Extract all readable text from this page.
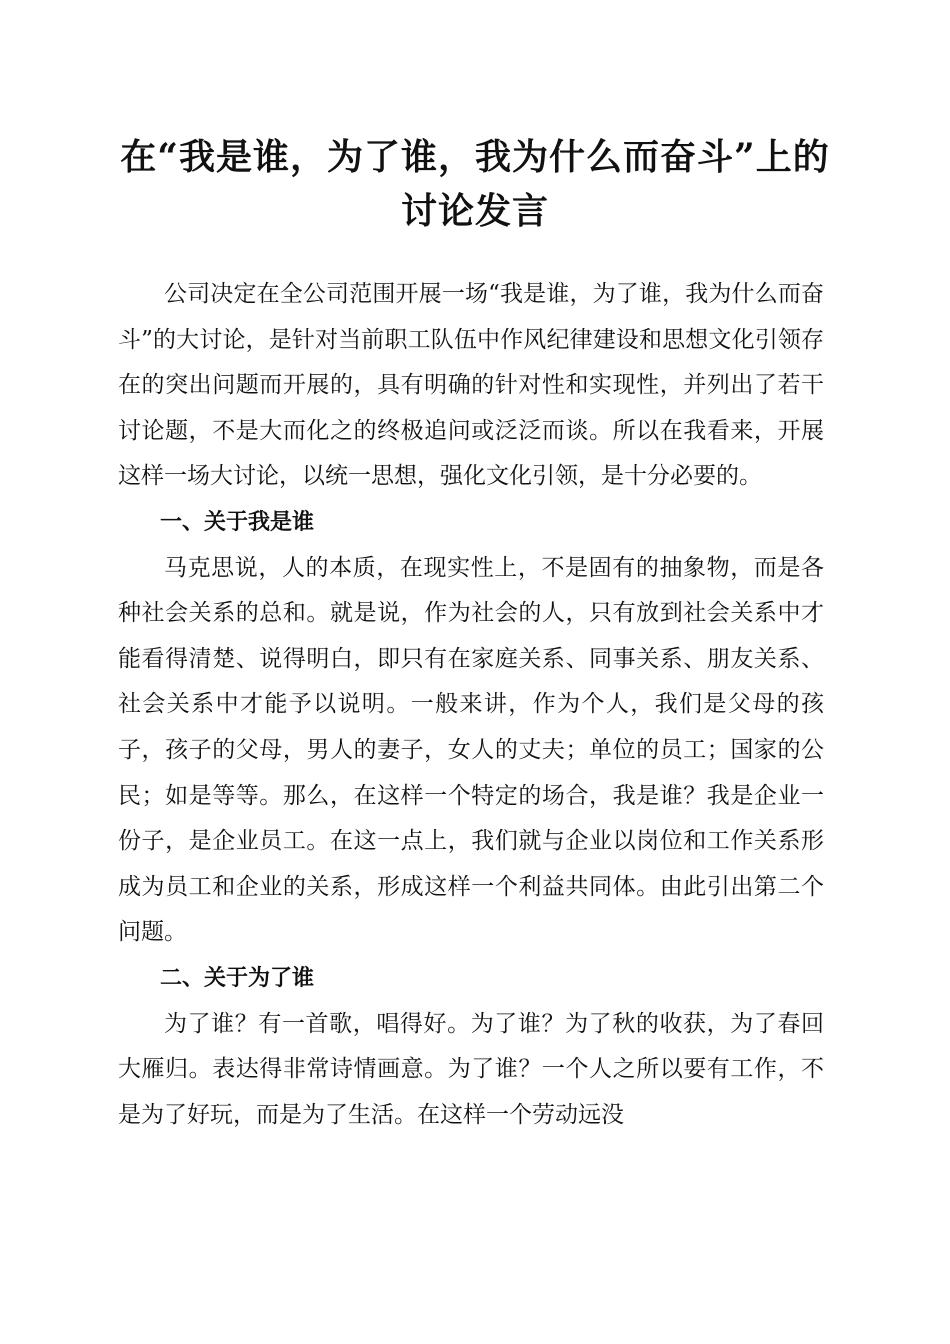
在“我是谁，为了谁，我为什么而奋斗”上的
讨论发言

公司决定在全公司范围开展一场“我是谁，为了谁，我为什么而奋斗”的大讨论，是针对当前职工队伍中作风纪律建设和思想文化引领存在的突出问题而开展的，具有明确的针对性和实现性，并列出了若干讨论题，不是大而化之的终极追问或泛泛而谈。所以在我看来，开展这样一场大讨论，以统一思想，强化文化引领，是十分必要的。

一、关于我是谁

马克思说，人的本质，在现实性上，不是固有的抽象物，而是各种社会关系的总和。就是说，作为社会的人，只有放到社会关系中才能看得清楚、说得明白，即只有在家庭关系、同事关系、朋友关系、社会关系中才能予以说明。一般来讲，作为个人，我们是父母的孩子，孩子的父母，男人的妻子，女人的丈夫；单位的员工；国家的公民；如是等等。那么，在这样一个特定的场合，我是谁？我是企业一份子，是企业员工。在这一点上，我们就与企业以岗位和工作关系形成为员工和企业的关系，形成这样一个利益共同体。由此引出第二个问题。

二、关于为了谁

为了谁？有一首歌，唱得好。为了谁？为了秋的收获，为了春回大雁归。表达得非常诗情画意。为了谁？一个人之所以要有工作，不是为了好玩，而是为了生活。在这样一个劳动远没
